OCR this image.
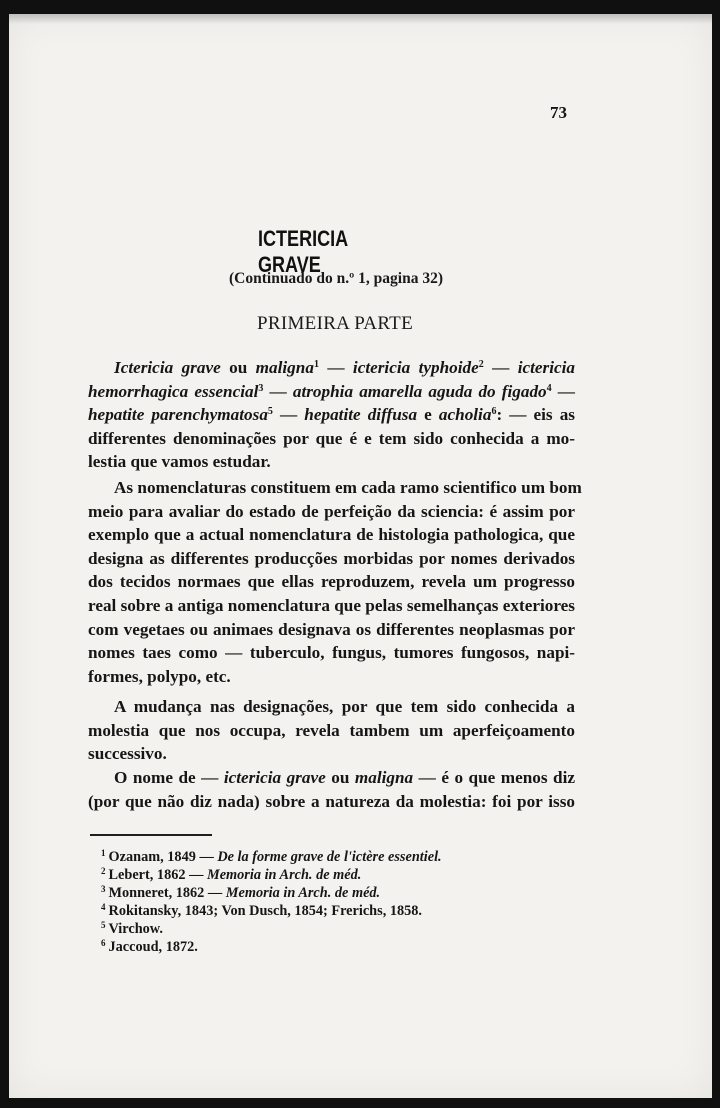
73
ICTERICIA GRAVE
(Continuado do n.º 1, pagina 32)
PRIMEIRA PARTE
Ictericia grave ou maligna$^1$ — ictericia typhoide$^2$ — ictericia
hemorrhagica essencial$^3$ — atrophia amarella aguda do figado$^4$ —
hepatite parenchymatosa$^5$ — hepatite diffusa e acholia$^6$: — eis as
differentes denominações por que é e tem sido conhecida a mo-
lestia que vamos estudar.
As nomenclaturas constituem em cada ramo scientifico um bom
meio para avaliar do estado de perfeição da sciencia: é assim por
exemplo que a actual nomenclatura de histologia pathologica, que
designa as differentes producções morbidas por nomes derivados
dos tecidos normaes que ellas reproduzem, revela um progresso
real sobre a antiga nomenclatura que pelas semelhanças exteriores
com vegetaes ou animaes designava os differentes neoplasmas por
nomes taes como — tuberculo, fungus, tumores fungosos, napi-
formes, polypo, etc.
A mudança nas designações, por que tem sido conhecida a
molestia que nos occupa, revela tambem um aperfeiçoamento
successivo.
O nome de — ictericia grave ou maligna — é o que menos diz
(por que não diz nada) sobre a natureza da molestia: foi por isso
$^1$ Ozanam, 1849 — De la forme grave de l'ictère essentiel.
$^2$ Lebert, 1862 — Memoria in Arch. de méd.
$^3$ Monneret, 1862 — Memoria in Arch. de méd.
$^4$ Rokitansky, 1843; Von Dusch, 1854; Frerichs, 1858.
$^5$ Virchow.
$^6$ Jaccoud, 1872.
